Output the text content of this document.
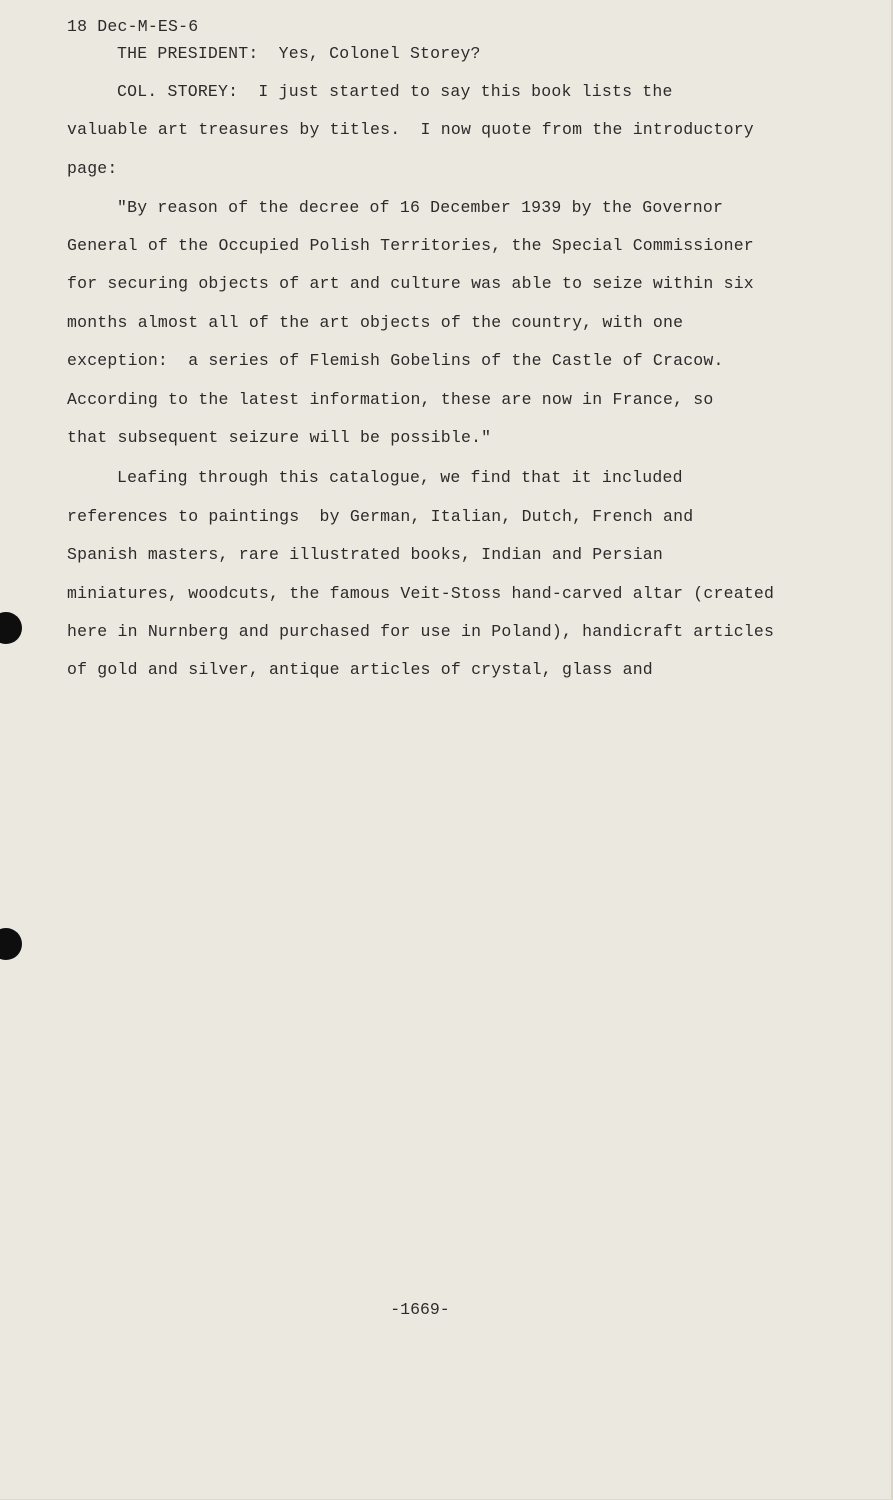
18 Dec-M-ES-6

THE PRESIDENT:  Yes, Colonel Storey?

COL. STOREY:  I just started to say this book lists the

valuable art treasures by titles.  I now quote from the introductory

page:

"By reason of the decree of 16 December 1939 by the Governor

General of the Occupied Polish Territories, the Special Commissioner

for securing objects of art and culture was able to seize within six

months almost all of the art objects of the country, with one

exception:  a series of Flemish Gobelins of the Castle of Cracow.

According to the latest information, these are now in France, so

that subsequent seizure will be possible."

Leafing through this catalogue, we find that it included

references to paintings  by German, Italian, Dutch, French and

Spanish masters, rare illustrated books, Indian and Persian

miniatures, woodcuts, the famous Veit-Stoss hand-carved altar (created

here in Nurnberg and purchased for use in Poland), handicraft articles

of gold and silver, antique articles of crystal, glass and

-1669-
